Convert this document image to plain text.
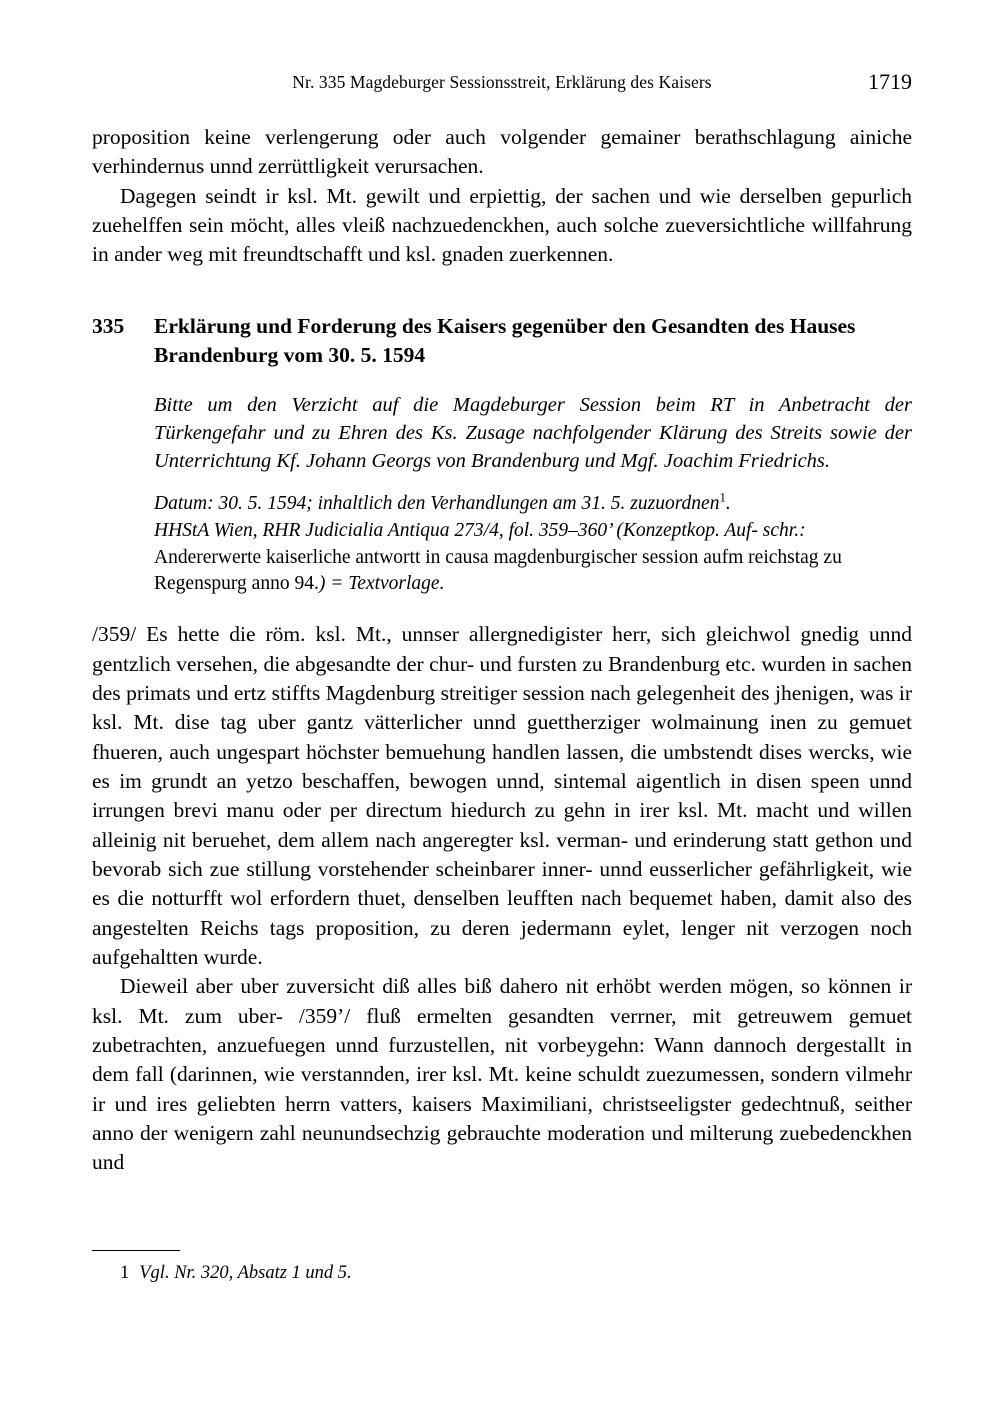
Nr. 335 Magdeburger Sessionsstreit, Erklärung des Kaisers	1719

proposition keine verlengerung oder auch volgender gemainer berathschlagung ainiche verhindernus unnd zerrüttligkeit verursachen.

Dagegen seindt ir ksl. Mt. gewilt und erpiettig, der sachen und wie derselben gepurlich zuehelffen sein möcht, alles vleiß nachzuedenckhen, auch solche zueversichtliche willfahrung in ander weg mit freundtschafft und ksl. gnaden zuerkennen.

335	Erklärung und Forderung des Kaisers gegenüber den Gesandten des Hauses Brandenburg vom 30. 5. 1594
Bitte um den Verzicht auf die Magdeburger Session beim RT in Anbetracht der Türkengefahr und zu Ehren des Ks. Zusage nachfolgender Klärung des Streits sowie der Unterrichtung Kf. Johann Georgs von Brandenburg und Mgf. Joachim Friedrichs.
Datum: 30. 5. 1594; inhaltlich den Verhandlungen am 31. 5. zuzuordnen$^1$.
HHStA Wien, RHR Judicialia Antiqua 273/4, fol. 359–360’ (Konzeptkop. Auf- schr.: Andererwerte kaiserliche antwortt in causa magdenburgischer session aufm reichstag zu Regenspurg anno 94.) = Textvorlage.

/359/ Es hette die röm. ksl. Mt., unnser allergnedigister herr, sich gleichwol gnedig unnd gentzlich versehen, die abgesandte der chur- und fursten zu Brandenburg etc. wurden in sachen des primats und ertz stiffts Magdenburg streitiger session nach gelegenheit des jhenigen, was ir ksl. Mt. dise tag uber gantz vätterlicher unnd guettherziger wolmainung inen zu gemuet fhueren, auch ungespart höchster bemuehung handlen lassen, die umbstendt dises wercks, wie es im grundt an yetzo beschaffen, bewogen unnd, sintemal aigentlich in disen speen unnd irrungen brevi manu oder per directum hiedurch zu gehn in irer ksl. Mt. macht und willen alleinig nit beruehet, dem allem nach angeregter ksl. verman- und erinderung statt gethon und bevorab sich zue stillung vorstehender scheinbarer inner- unnd eusserlicher gefährligkeit, wie es die notturfft wol erfordern thuet, denselben leufften nach bequemet haben, damit also des angestelten Reichs tags proposition, zu deren jedermann eylet, lenger nit verzogen noch aufgehaltten wurde.

Dieweil aber uber zuversicht diß alles biß dahero nit erhöbt werden mögen, so können ir ksl. Mt. zum uber- /359’/ fluß ermelten gesandten verrner, mit getreuwem gemuet zubetrachten, anzuefuegen unnd furzustellen, nit vorbeygehn: Wann dannoch dergestallt in dem fall (darinnen, wie verstannden, irer ksl. Mt. keine schuldt zuezumessen, sondern vilmehr ir und ires geliebten herrn vatters, kaisers Maximiliani, christseeligster gedechtnuß, seither anno der wenigern zahl neunundsechzig gebrauchte moderation und milterung zuebedenckhen und

1 Vgl. Nr. 320, Absatz 1 und 5.
